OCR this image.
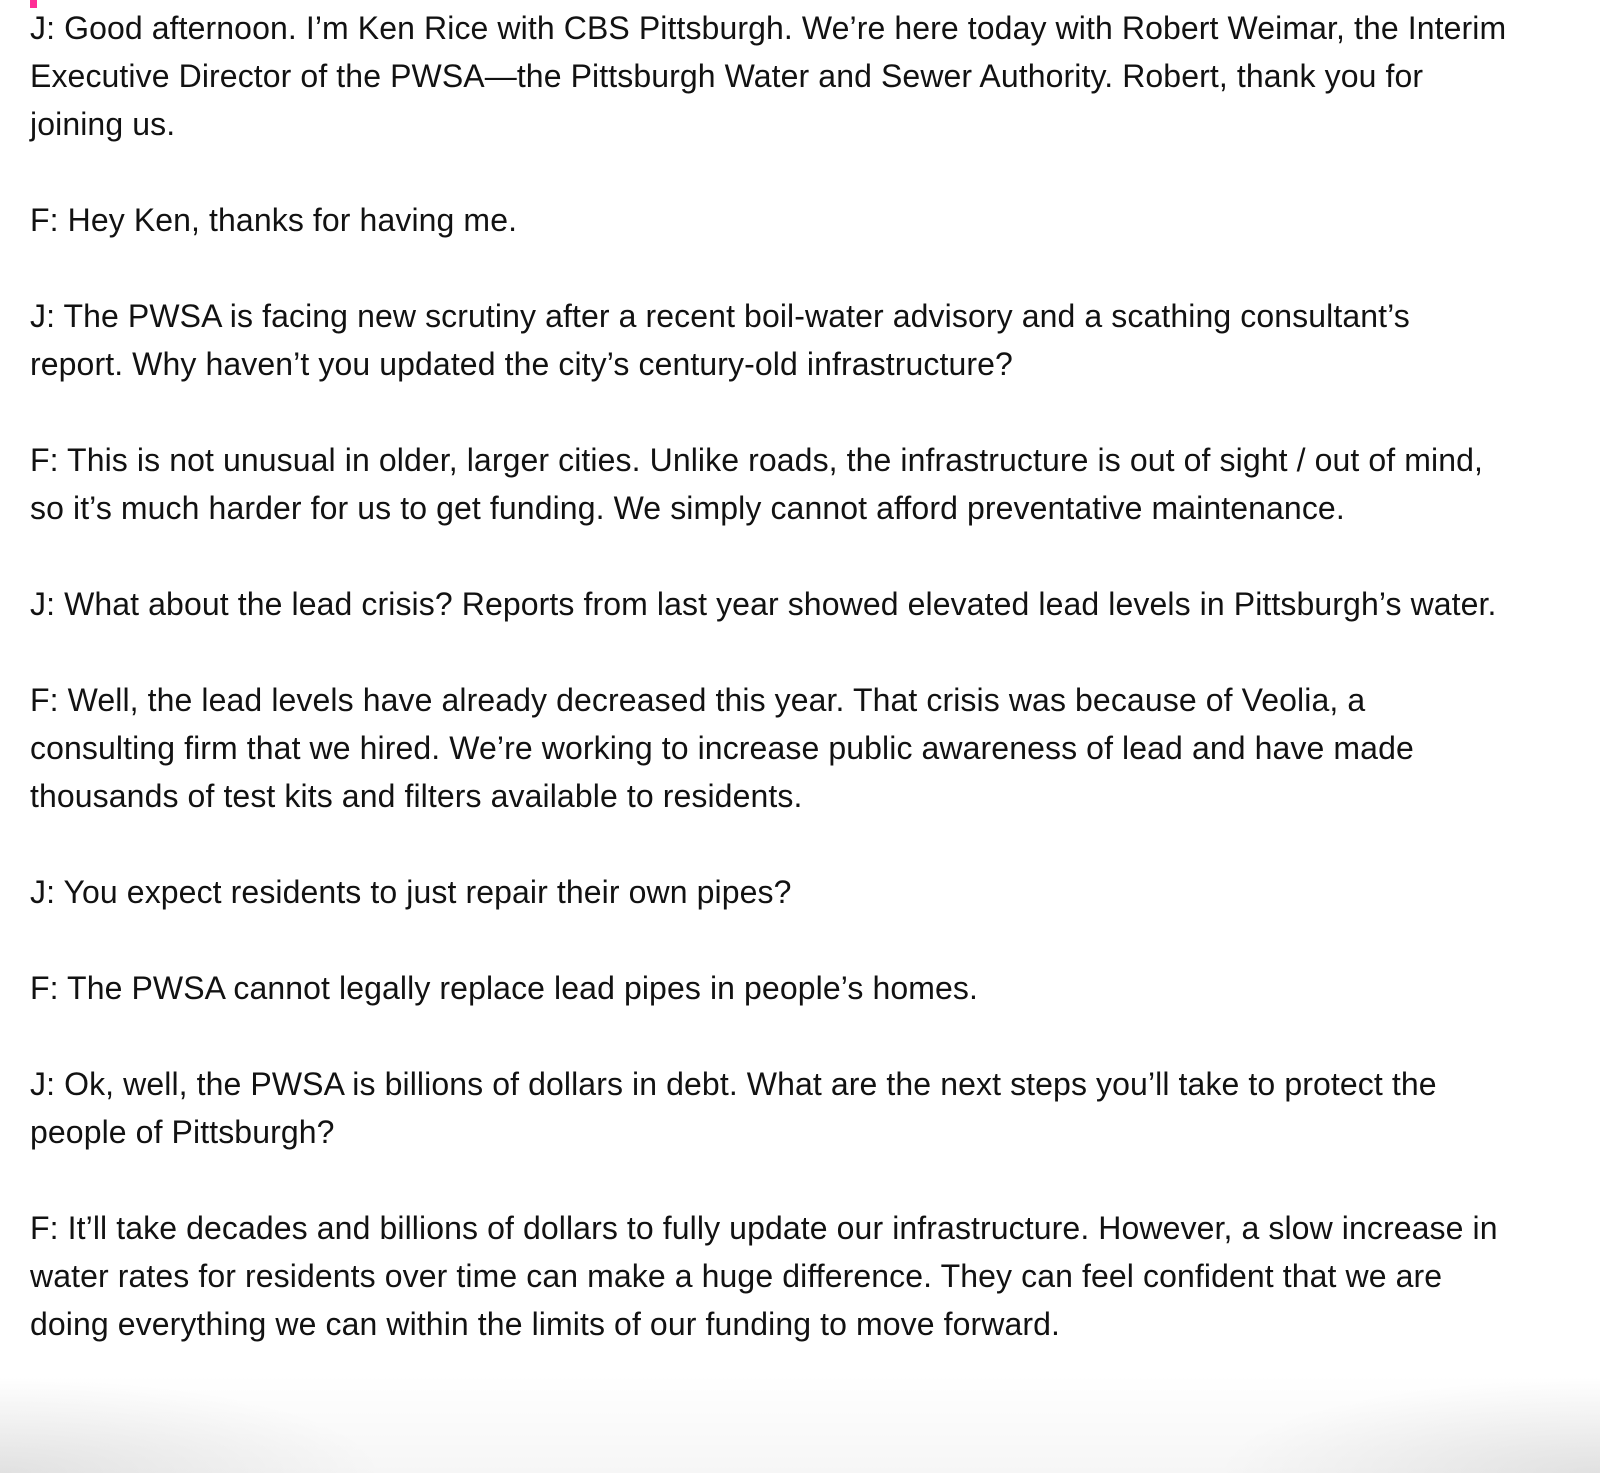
J: Good afternoon. I’m Ken Rice with CBS Pittsburgh. We’re here today with Robert Weimar, the Interim Executive Director of the PWSA—the Pittsburgh Water and Sewer Authority. Robert, thank you for joining us.

F: Hey Ken, thanks for having me.

J: The PWSA is facing new scrutiny after a recent boil-water advisory and a scathing consultant’s report. Why haven’t you updated the city’s century-old infrastructure?

F: This is not unusual in older, larger cities. Unlike roads, the infrastructure is out of sight / out of mind, so it’s much harder for us to get funding. We simply cannot afford preventative maintenance.

J: What about the lead crisis? Reports from last year showed elevated lead levels in Pittsburgh’s water.

F: Well, the lead levels have already decreased this year. That crisis was because of Veolia, a consulting firm that we hired. We’re working to increase public awareness of lead and have made thousands of test kits and filters available to residents.

J: You expect residents to just repair their own pipes?

F: The PWSA cannot legally replace lead pipes in people’s homes.

J: Ok, well, the PWSA is billions of dollars in debt. What are the next steps you’ll take to protect the people of Pittsburgh?

F: It’ll take decades and billions of dollars to fully update our infrastructure. However, a slow increase in water rates for residents over time can make a huge difference. They can feel confident that we are doing everything we can within the limits of our funding to move forward.
